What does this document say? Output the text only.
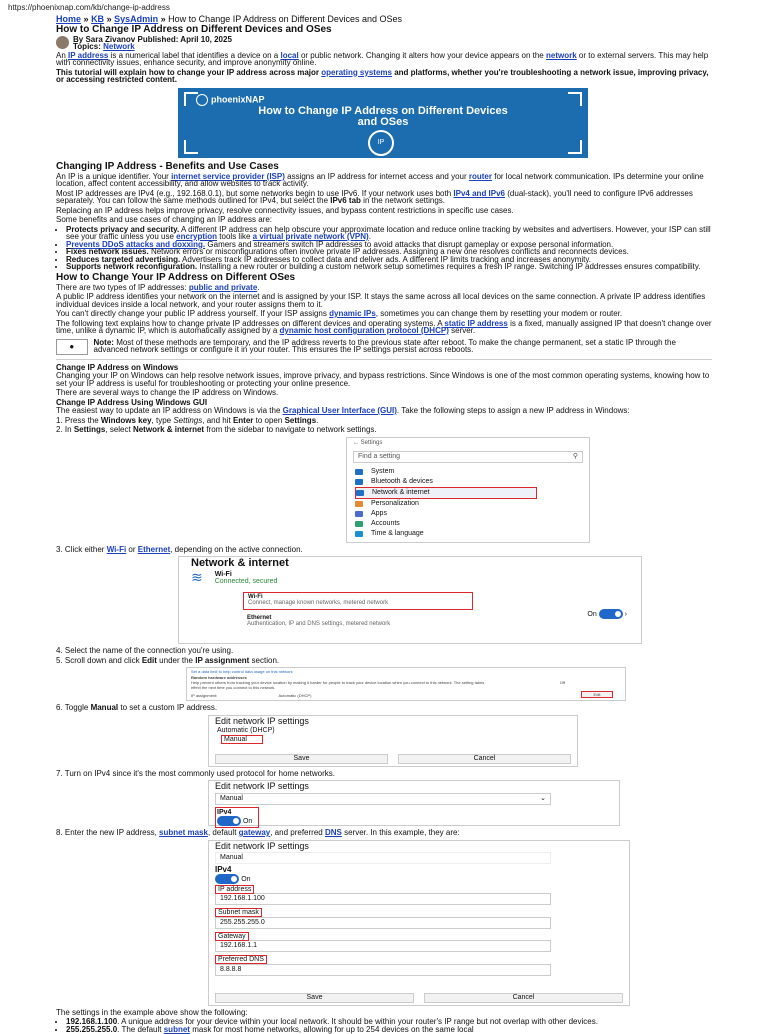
https://phoenixnap.com/kb/change-ip-address
Home » KB » SysAdmin » How to Change IP Address on Different Devices and OSes
How to Change IP Address on Different Devices and OSes
By Sara Zivanov Published: April 10, 2025
Topics: Network

An IP address is a numerical label that identifies a device on a local or public network. Changing it alters how your device appears on the network or to external servers. This may help with connectivity issues, enhance security, and improve anonymity online.

This tutorial will explain how to change your IP address across major operating systems and platforms, whether you're troubleshooting a network issue, improving privacy, or accessing restricted content.

phoenixNAP
How to Change IP Address on Different Devices and OSes
IP
Changing IP Address - Benefits and Use Cases

An IP is a unique identifier. Your internet service provider (ISP) assigns an IP address for internet access and your router for local network communication. IPs determine your online location, affect content accessibility, and allow websites to track activity.

Most IP addresses are IPv4 (e.g., 192.168.0.1), but some networks begin to use IPv6. If your network uses both IPv4 and IPv6 (dual-stack), you'll need to configure IPv6 addresses separately. You can follow the same methods outlined for IPv4, but select the IPv6 tab in the network settings.

Replacing an IP address helps improve privacy, resolve connectivity issues, and bypass content restrictions in specific use cases.

Some benefits and use cases of changing an IP address are:

• Protects privacy and security. A different IP address can help obscure your approximate location and reduce online tracking by websites and advertisers. However, your ISP can still see your traffic unless you use encryption tools like a virtual private network (VPN).
• Prevents DDoS attacks and doxxing. Gamers and streamers switch IP addresses to avoid attacks that disrupt gameplay or expose personal information.
• Fixes network issues. Network errors or misconfigurations often involve private IP addresses. Assigning a new one resolves conflicts and reconnects devices.
• Reduces targeted advertising. Advertisers track IP addresses to collect data and deliver ads. A different IP limits tracking and increases anonymity.
• Supports network reconfiguration. Installing a new router or building a custom network setup sometimes requires a fresh IP range. Switching IP addresses ensures compatibility.
How to Change Your IP Address on Different OSes

There are two types of IP addresses: public and private.

A public IP address identifies your network on the internet and is assigned by your ISP. It stays the same across all local devices on the same connection. A private IP address identifies individual devices inside a local network, and your router assigns them to it.

You can't directly change your public IP address yourself. If your ISP assigns dynamic IPs, sometimes you can change them by resetting your modem or router.

The following text explains how to change private IP addresses on different devices and operating systems. A static IP address is a fixed, manually assigned IP that doesn't change over time, unlike a dynamic IP, which is automatically assigned by a dynamic host configuration protocol (DHCP) server.

●	Note: Most of these methods are temporary, and the IP address reverts to the previous state after reboot. To make the change permanent, set a static IP through the advanced network settings or configure it in your router. This ensures the IP settings persist across reboots.
Change IP Address on Windows

Changing your IP on Windows can help resolve network issues, improve privacy, and bypass restrictions. Since Windows is one of the most common operating systems, knowing how to set your IP address is useful for troubleshooting or protecting your online presence.

There are several ways to change the IP address on Windows.

Change IP Address Using Windows GUI

The easiest way to update an IP address on Windows is via the Graphical User Interface (GUI). Take the following steps to assign a new IP address in Windows:

1. Press the Windows key, type Settings, and hit Enter to open Settings.

2. In Settings, select Network & internet from the sidebar to navigate to network settings.

← Settings
Find a setting	⚲
System
Bluetooth & devices
Network & internet
Personalization
Apps
Accounts
Time & language

3. Click either Wi-Fi or Ethernet, depending on the active connection.

Network & internet
≋ Wi-Fi
Connected, secured
Wi-Fi
Connect, manage known networks, metered network
On	›
Ethernet
Authentication, IP and DNS settings, metered network

4. Select the name of the connection you're using.

5. Scroll down and click Edit under the IP assignment section.

Set a data limit to help control data usage on this network
Random hardware addresses
Help prevent others from tracking your device location by making it harder for people to track your device location when you connect to this network. The setting takes effect the next time you connect to this network.
Off
IP assignment:	Automatic (DHCP)	Edit

6. Toggle Manual to set a custom IP address.

Edit network IP settings
Automatic (DHCP)
Manual
Save	Cancel

7. Turn on IPv4 since it's the most commonly used protocol for home networks.

Edit network IP settings
Manual	⌄
IPv4
On

8. Enter the new IP address, subnet mask, default gateway, and preferred DNS server. In this example, they are:

Edit network IP settings
Manual
IPv4
On
IP address
192.168.1.100
Subnet mask
255.255.255.0
Gateway
192.168.1.1
Preferred DNS
8.8.8.8
Save	Cancel

The settings in the example above show the following:

• 192.168.1.100. A unique address for your device within your local network. It should be within your router's IP range but not overlap with other devices.
• 255.255.255.0. The default subnet mask for most home networks, allowing for up to 254 devices on the same local
